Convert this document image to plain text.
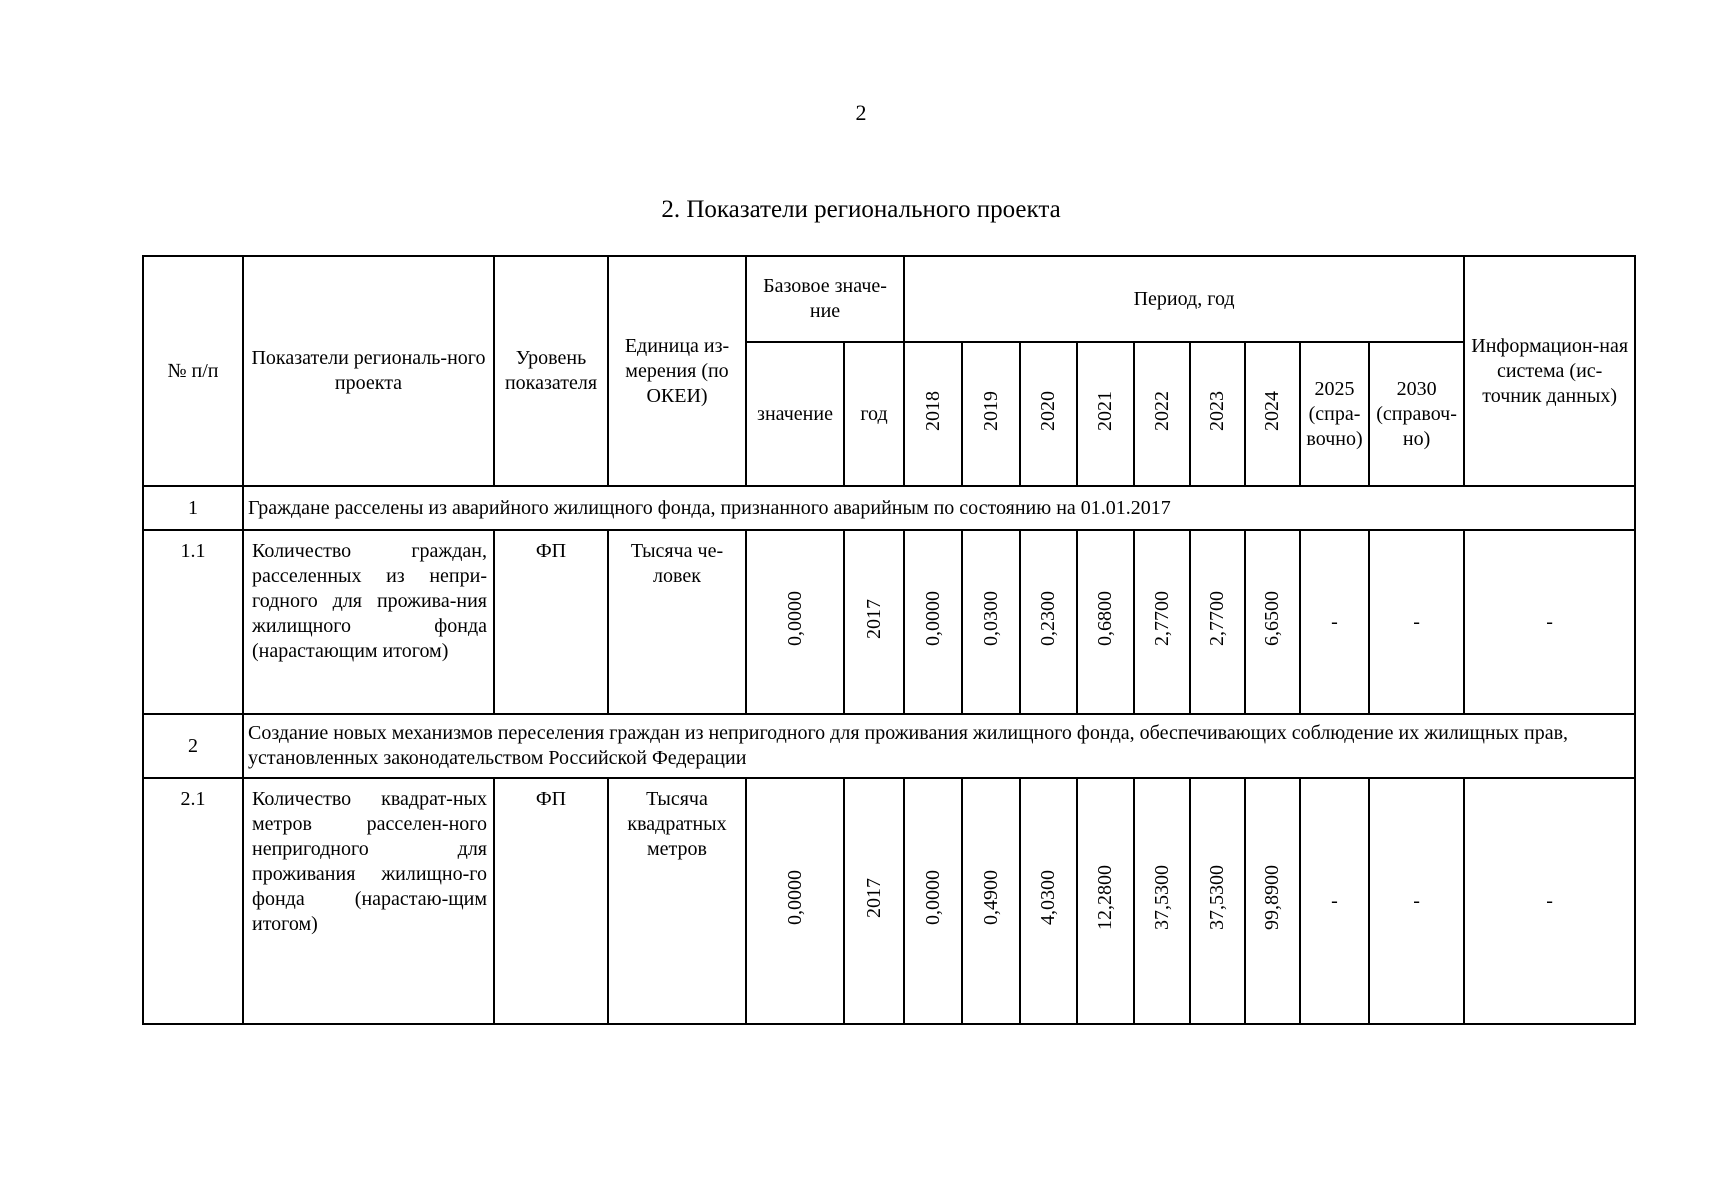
2
2. Показатели регионального проекта
№ п/п	Показатели региональ-ного проекта	Уровень показателя	Единица из-мерения (по ОКЕИ)	Базовое значе-ние		Период, год									Информацион-ная система (ис-точник данных)
				значение	год	2018	2019	2020	2021	2022	2023	2024	2025 (спра-вочно)	2030 (справоч-но)	
1	Граждане расселены из аварийного жилищного фонда, признанного аварийным по состоянию на 01.01.2017														
1.1	Количество граждан, расселенных из непри-годного для прожива-ния жилищного фонда (нарастающим итогом)	ФП	Тысяча че-ловек	0,0000	2017	0,0000	0,0300	0,2300	0,6800	2,7700	2,7700	6,6500	-	-	-
2	Создание новых механизмов переселения граждан из непригодного для проживания жилищного фонда, обеспечивающих соблюдение их жилищных прав, установленных законодательством Российской Федерации														
2.1	Количество квадрат-ных метров расселен-ного непригодного для проживания жилищно-го фонда (нарастаю-щим итогом)	ФП	Тысяча квадратных метров	0,0000	2017	0,0000	0,4900	4,0300	12,2800	37,5300	37,5300	99,8900	-	-	-
